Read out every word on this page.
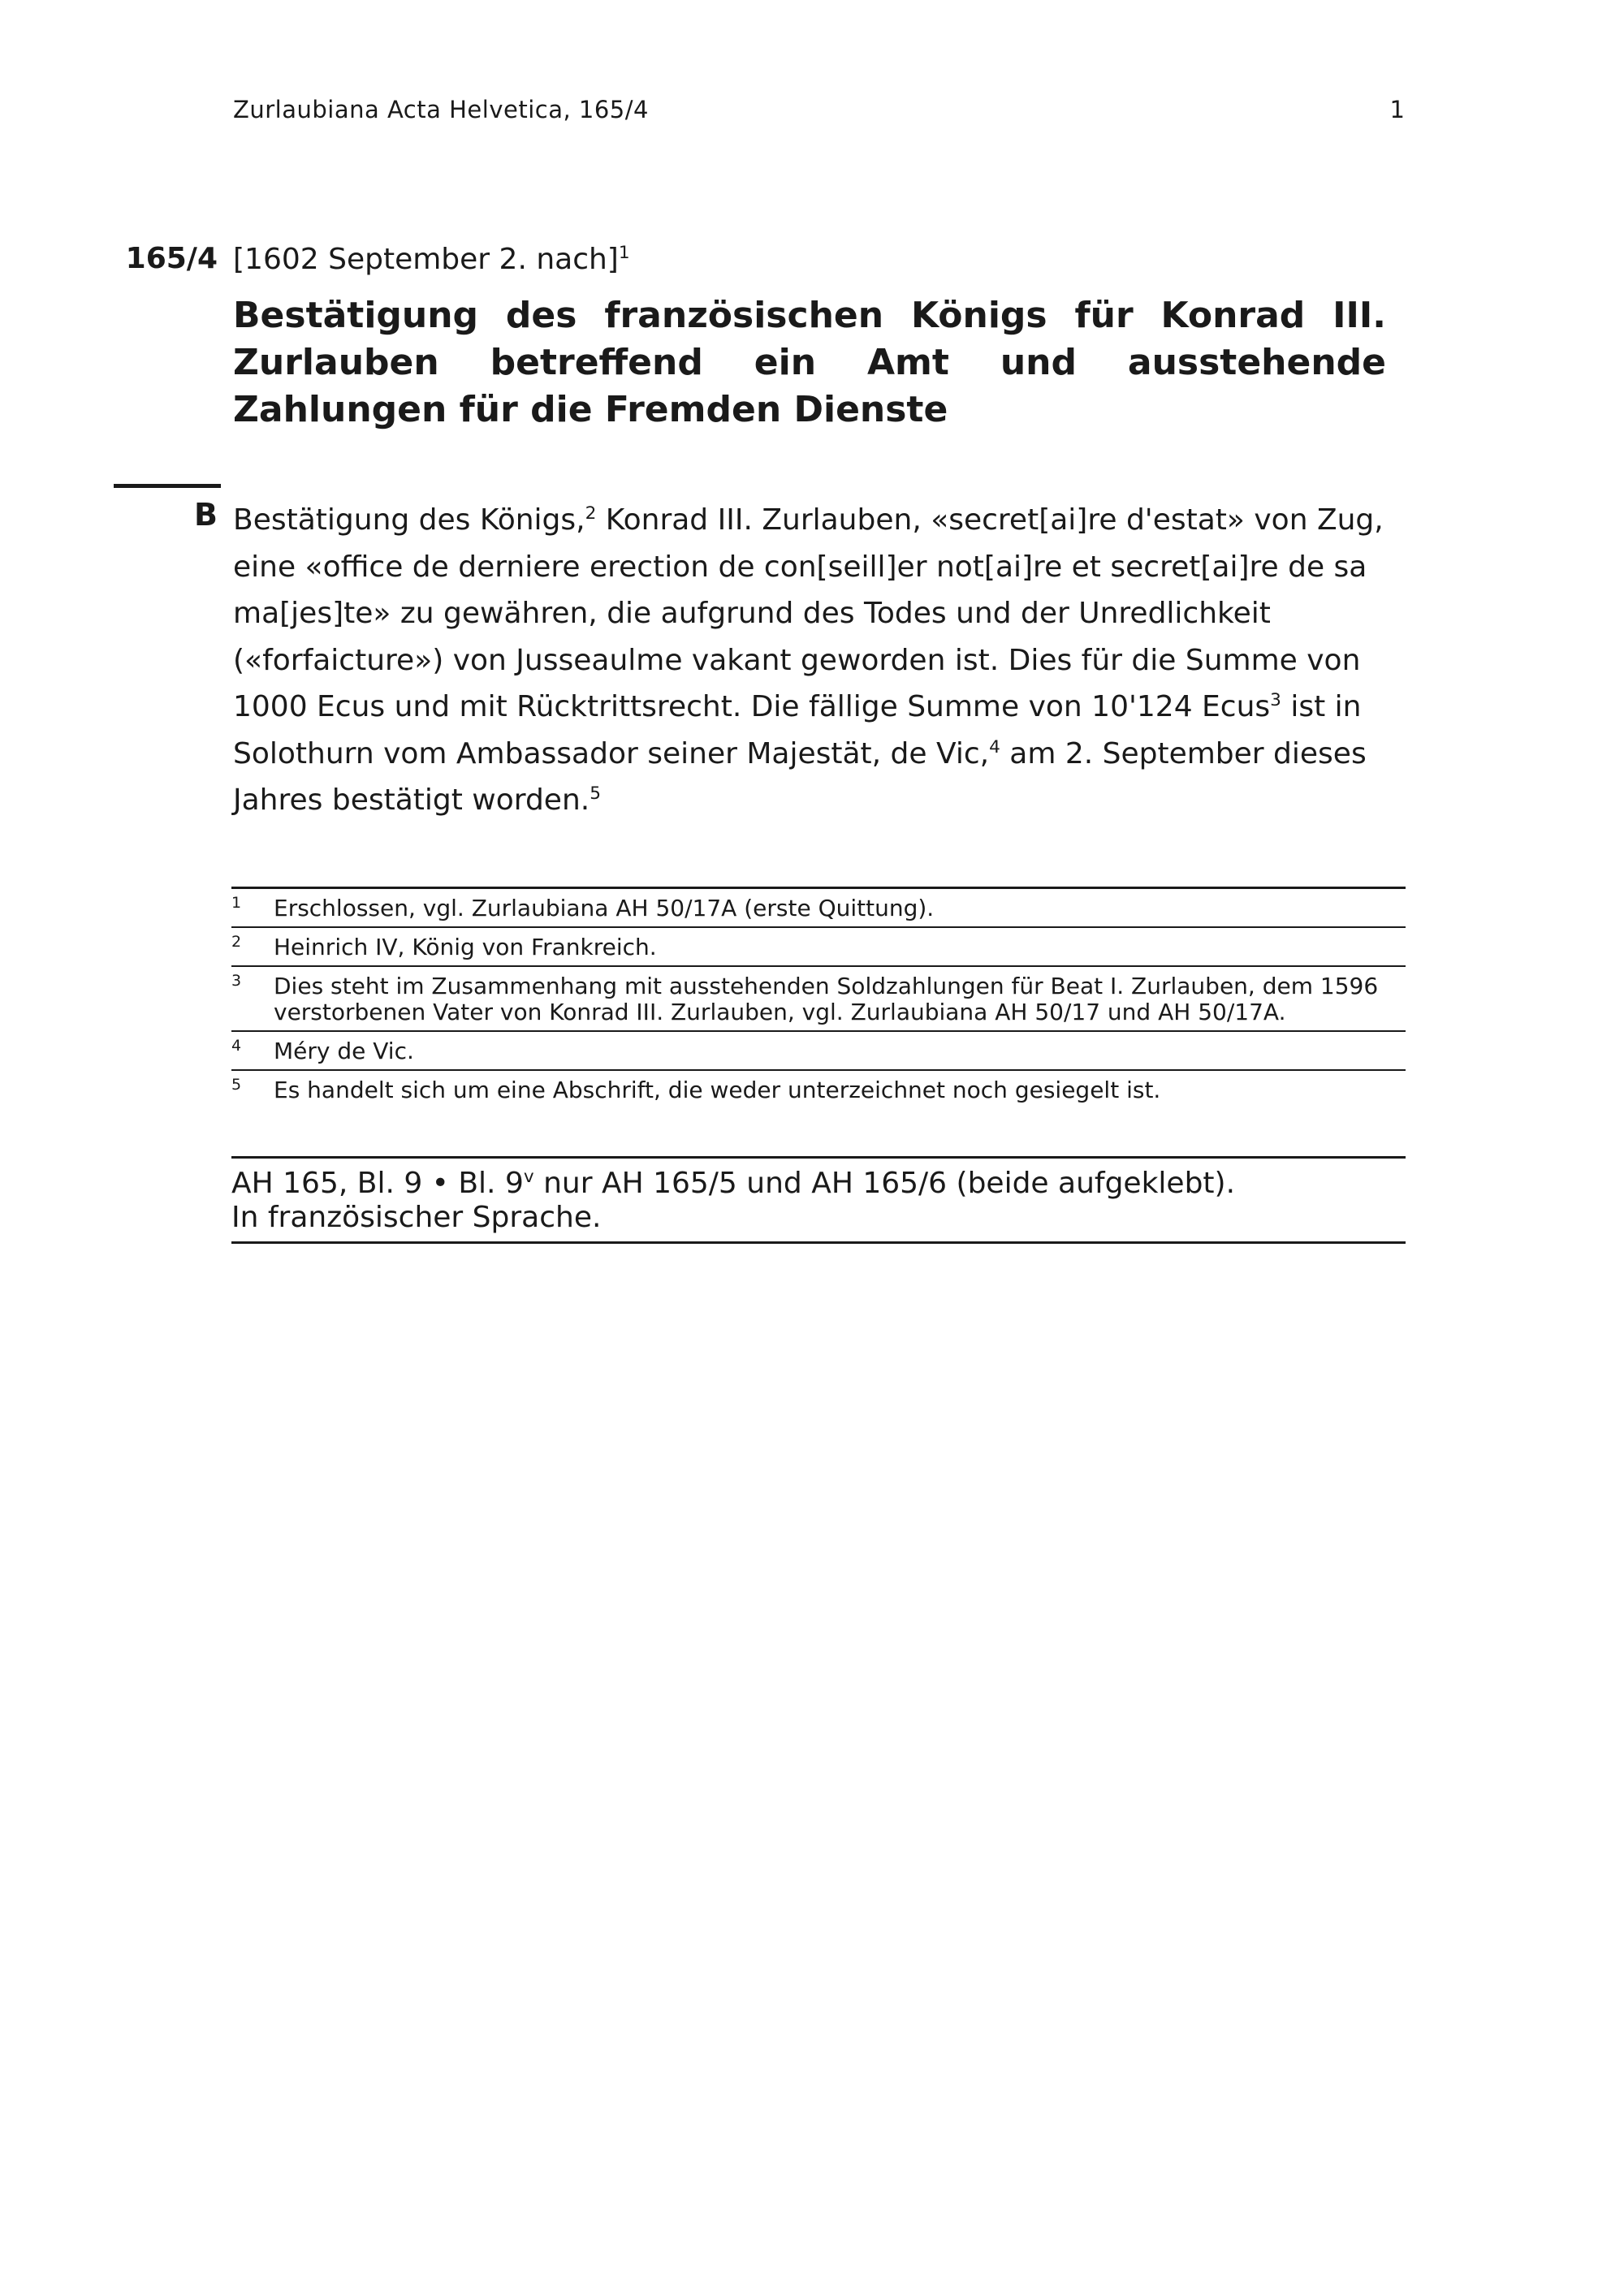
Zurlaubiana Acta Helvetica, 165/4	1
165/4 [1602 September 2. nach]$^1$
Bestätigung des französischen Königs für Konrad III. Zurlauben betreffend ein Amt und ausstehende Zahlungen für die Fremden Dienste
B Bestätigung des Königs,$^2$ Konrad III. Zurlauben, «secret[ai]re d'estat» von Zug,
eine «office de derniere erection de con[seill]er not[ai]re et secret[ai]re de sa
ma[jes]te» zu gewähren, die aufgrund des Todes und der Unredlichkeit
(«forfaicture») von Jusseaulme vakant geworden ist. Dies für die Summe von
1000 Ecus und mit Rücktrittsrecht. Die fällige Summe von 10'124 Ecus$^3$ ist in
Solothurn vom Ambassador seiner Majestät, de Vic,$^4$ am 2. September dieses
Jahres bestätigt worden.$^5$
1	Erschlossen, vgl. Zurlaubiana AH 50/17A (erste Quittung).
2	Heinrich IV, König von Frankreich.
3	Dies steht im Zusammenhang mit ausstehenden Soldzahlungen für Beat I. Zurlauben, dem 1596 verstorbenen Vater von Konrad III. Zurlauben, vgl. Zurlaubiana AH 50/17 und AH 50/17A.
4	Méry de Vic.
5	Es handelt sich um eine Abschrift, die weder unterzeichnet noch gesiegelt ist.
AH 165, Bl. 9 • Bl. 9$^v$ nur AH 165/5 und AH 165/6 (beide aufgeklebt).
In französischer Sprache.
